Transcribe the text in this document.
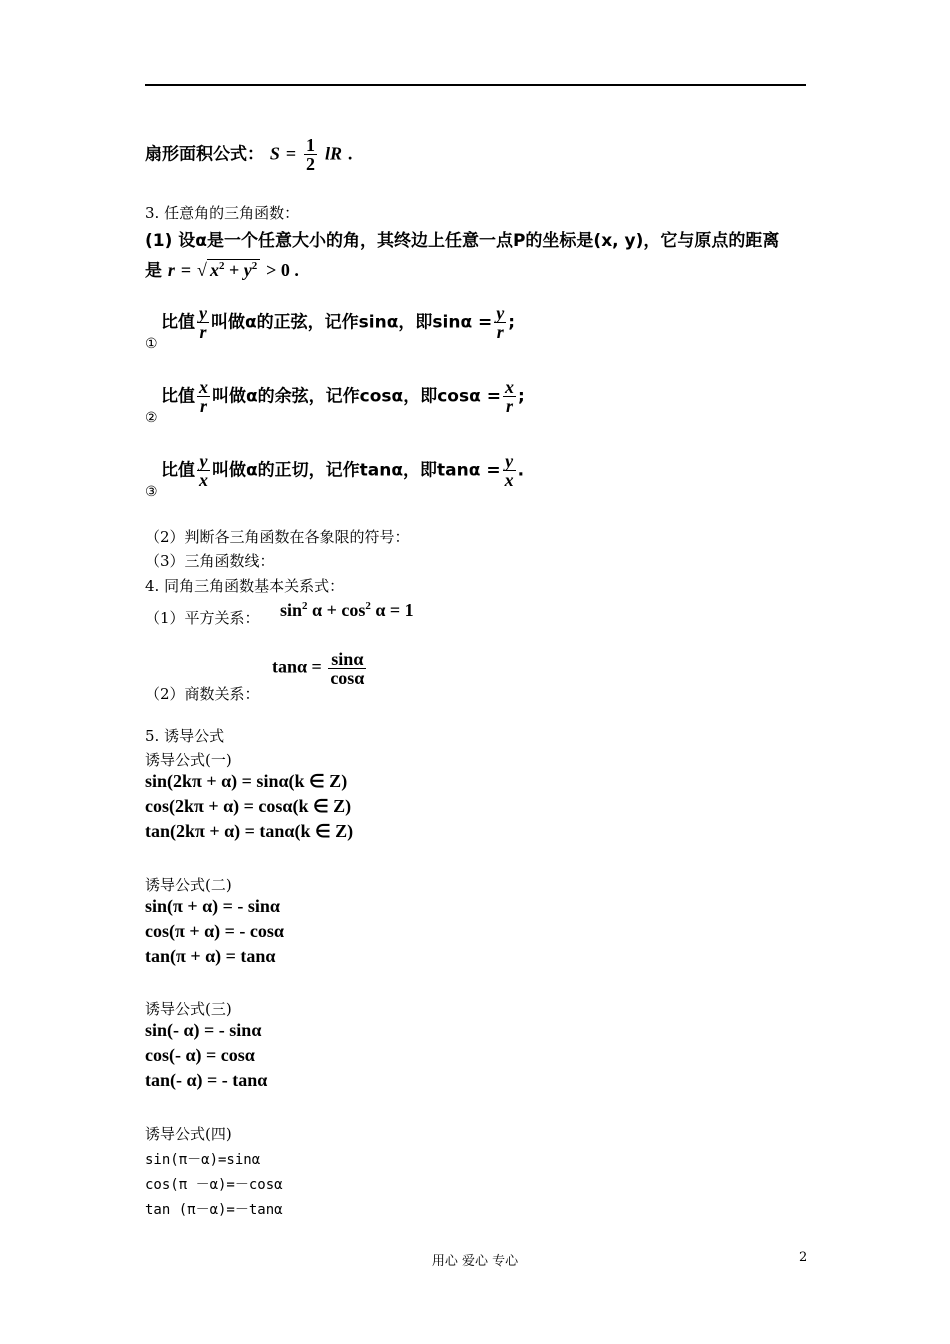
扇形面积公式： $S = \frac{1}{2}$ lR .
3. 任意角的三角函数：
(1) 设α是一个任意大小的角，其终边上任意一点P的坐标是(x, y)，它与原点的距离
是 r = √ $x^2 + y^2 > 0$ .
①
比值 $\frac{y}{r}$ 叫做α的正弦，记作sinα，即$\sin\alpha = \frac{y}{r}$ ;
②
比值 $\frac{x}{r}$ 叫做α的余弦，记作cosα，即$\cos\alpha = \frac{x}{r}$ ;
③
比值 $\frac{y}{x}$ 叫做α的正切，记作tanα，即$\tan\alpha = \frac{y}{x}$ .
（2）判断各三角函数在各象限的符号：
（3）三角函数线：
4. 同角三角函数基本关系式：
（1）平方关系： $\sin^2 \alpha + \cos^2 \alpha = 1$
（2）商数关系：
$\tan\alpha = \frac{\sin\alpha}{\cos\alpha}$
5. 诱导公式
诱导公式(一)
sin(2kπ + α) = sinα(k ∈ Z)
cos(2kπ + α) = cosα(k ∈ Z)
tan(2kπ + α) = tanα(k ∈ Z)
诱导公式(二)
sin(π + α) = - sinα
cos(π + α) = - cosα
tan(π + α) = tanα
诱导公式(三)
sin(- α) = - sinα
cos(- α) = cosα
tan(- α) = - tanα
诱导公式(四)
sin(π－α)=sinα
cos(π －α)=－cosα
tan (π－α)=－tanα
用心 爱心 专心	2
